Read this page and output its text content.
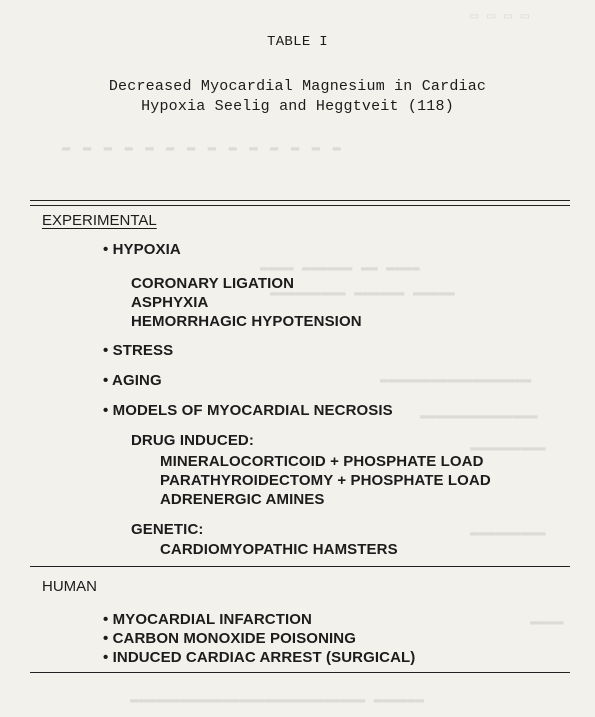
▭ ▭ ▭ ▭
▬ ▬ ▬ ▬ ▬ ▬ ▬ ▬ ▬ ▬ ▬ ▬ ▬ ▬
▬▬▬▬ ▬▬ ▬▬▬▬▬▬ ▬▬▬▬
▬▬▬▬▬ ▬▬▬▬▬▬ ▬▬▬▬▬▬▬▬▬
▬▬▬▬▬▬▬▬▬▬▬▬▬▬▬▬▬▬
▬▬▬▬▬▬▬▬▬▬▬▬▬▬
▬▬▬▬▬▬▬▬▬
▬▬▬▬▬▬▬▬▬
▬▬▬▬
▬▬▬▬▬▬ ▬▬▬▬▬▬▬▬▬▬▬▬▬▬▬▬▬▬▬▬▬▬▬▬▬▬▬▬
TABLE I
Decreased Myocardial Magnesium in Cardiac
Hypoxia Seelig and Heggtveit (118)
EXPERIMENTAL
• HYPOXIA
CORONARY LIGATION
ASPHYXIA
HEMORRHAGIC HYPOTENSION
• STRESS
• AGING
• MODELS OF MYOCARDIAL NECROSIS
DRUG INDUCED:
MINERALOCORTICOID + PHOSPHATE LOAD
PARATHYROIDECTOMY + PHOSPHATE LOAD
ADRENERGIC AMINES
GENETIC:
CARDIOMYOPATHIC HAMSTERS
HUMAN
• MYOCARDIAL INFARCTION
• CARBON MONOXIDE POISONING
• INDUCED CARDIAC ARREST (SURGICAL)
